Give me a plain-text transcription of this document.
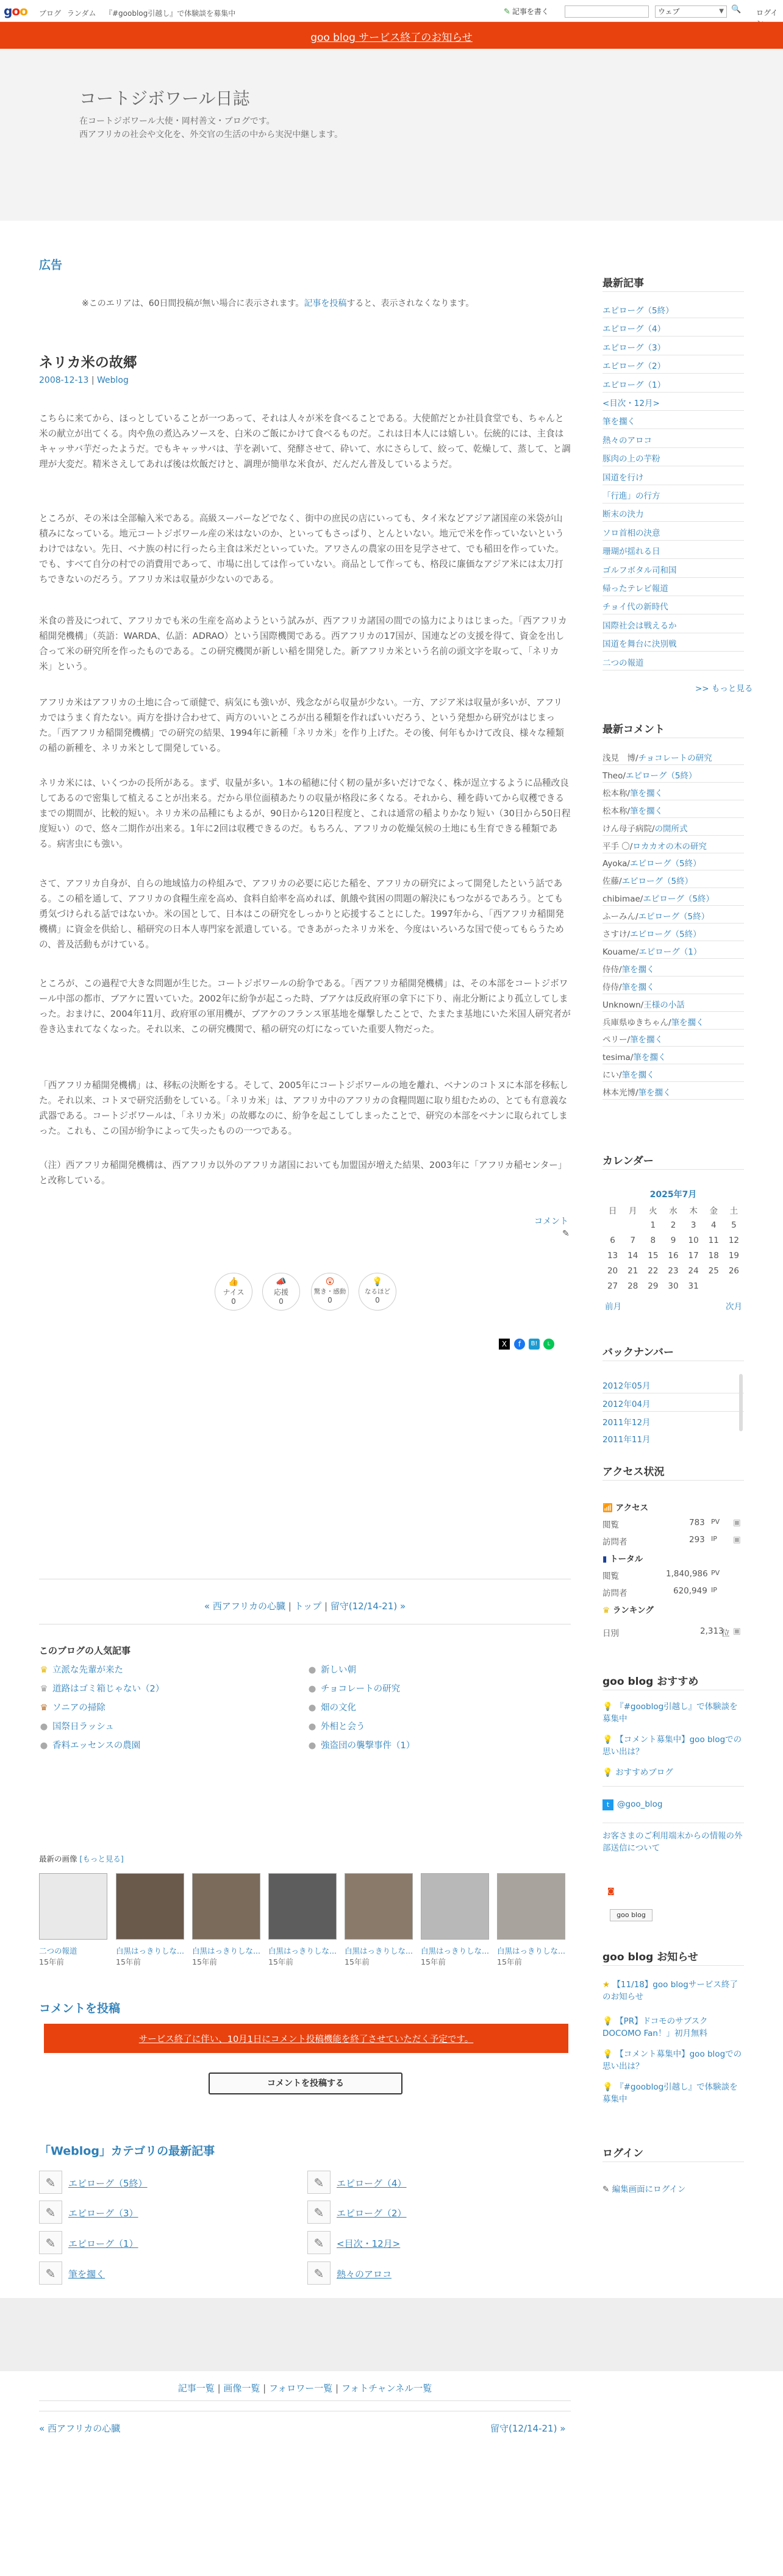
goo ブログ ランダム 『#gooblog引越し』で体験談を募集中	✎ 記事を書く	ウェブ	▼ 🔍 ログイ
goo blog サービス終了のお知らせ
コートジボワール日誌
在コートジボワール大使・岡村善文・ブログです。
西アフリカの社会や文化を、外交官の生活の中から実況中継します。
広告
※このエリアは、60日間投稿が無い場合に表示されます。記事を投稿すると、表示されなくなります。
ネリカ米の故郷
2008-12-13 | Weblog
こちらに来てから、ほっとしていることが一つあって、それは人々が米を食べることである。大使館だとか社員食堂でも、ちゃんと米の献立が出てくる。肉や魚の煮込みソースを、白米のご飯にかけて食べるものだ。これは日本人には嬉しい。伝統的には、主食はキャッサバ芋だったようだ。でもキャッサバは、芋を剥いて、発酵させて、砕いて、水にさらして、絞って、乾燥して、蒸して、と調理が大変だ。精米さえしてあれば後は炊飯だけと、調理が簡単な米食が、だんだん普及しているようだ。
ところが、その米は全部輸入米である。高級スーパーなどでなく、街中の庶民の店にいっても、タイ米などアジア諸国産の米袋が山積みになっている。地元コートジボワール産の米はないのか、といってもさっぱり、とんといない。地元で米を作っていないというわけではない。先日、ベナ族の村に行ったら主食は米だといっていた。アワさんの農家の田を見学させて、でも稲田を作っていた。でも、すべて自分の村での消費用であって、市場に出しては作っていない。商品として作っても、格段に廉価なアジア米には太刀打ちできないのだろう。アフリカ米は収量が少ないのである。
米食の普及につれて、アフリカでも米の生産を高めようという試みが、西アフリカ諸国の間での協力によりはじまった。「西アフリカ稲開発機構」（英語：WARDA、仏語：ADRAO）という国際機関である。西アフリカの17国が、国連などの支援を得て、資金を出し合って米の研究所を作ったものである。この研究機関が新しい稲を開発した。新アフリカ米という名前の頭文字を取って、「ネリカ米」という。
アフリカ米はアフリカの土地に合って頑健で、病気にも強いが、残念ながら収量が少ない。一方、アジア米は収量が多いが、アフリカではうまく育たない。両方を掛け合わせて、両方のいいところが出る種類を作ればいいだろう、という発想から研究がはじまった。「西アフリカ稲開発機構」での研究の結果、1994年に新種「ネリカ米」を作り上げた。その後、何年もかけて改良、様々な種類の稲の新種を、ネリカ米として開発している。
ネリカ米には、いくつかの長所がある。まず、収量が多い。1本の稲穂に付く籾の量が多いだけでなく、株が逞立するように品種改良してあるので密集して植えることが出来る。だから単位面積あたりの収量が格段に多くなる。それから、種を蒔いてから収穫できるまでの期間が、比較的短い。ネリカ米の品種にもよるが、90日から120日程度と、これは通常の稲よりかなり短い（30日から50日程度短い）ので、悠々二期作が出来る。1年に2回は収穫できるのだ。もちろん、アフリカの乾燥気候の土地にも生育できる種類である。病害虫にも強い。
さて、アフリカ自身が、自らの地域協力の枠組みで、アフリカの必要に応じた稲を、アフリカの研究によって開発したという話である。この稲を通して、アフリカの食糧生産を高め、食料自給率を高めれば、飢餓や貧困の問題の解決にもつながるであろう。とても勇気づけられる話ではないか。米の国として、日本はこの研究をしっかりと応援することにした。1997年から、「西アフリカ稲開発機構」に資金を供給し、稲研究の日本人専門家を派遣している。できあがったネリカ米を、今度はいろいろな国で使ってもらうための、普及活動もがけている。
ところが、この過程で大きな問題が生じた。コートジボワールの紛争である。「西アフリカ稲開発機構」は、その本部をコートジボワール中部の都市、ブアケに置いていた。2002年に紛争が起こった時、ブアケは反政府軍の拿下に下り、南北分断により孤立してしまった。おまけに、2004年11月、政府軍の軍用機が、ブアケのフランス軍基地を爆撃したことで、たまたま基地にいた米国人研究者が巻き込まれてなくなった。それ以来、この研究機関で、稲の研究の灯になっていた重要人物だった。
「西アフリカ稲開発機構」は、移転の決断をする。そして、2005年にコートジボワールの地を離れ、ベナンのコトヌに本部を移転した。それ以来、コトヌで研究活動をしている。「ネリカ米」は、アフリカ中のアフリカの食糧問題に取り組むための、とても有意義な武器である。コートジボワールは、「ネリカ米」の故郷なのに、紛争を起こしてしまったことで、研究の本部をベナンに取られてしまった。これも、この国が紛争によって失ったものの一つである。
（注）西アフリカ稲開発機構は、西アフリカ以外のアフリカ諸国においても加盟国が増えた結果、2003年に「アフリカ稲センター」と改称している。
コメント
✎
👍
ナイス
0
📣
応援
0
😲
驚き・感動
0
💡
なるほど
0
X	f	B!	L
« 西アフリカの心臓 | トップ | 留守(12/14-21) »
このブログの人気記事
♛ 立派な先輩が来た
♛ 道路はゴミ箱じゃない（2）
♛ ソニアの掃除
● 国祭日ラッシュ
● 香料エッセンスの農園
● 新しい朝
● チョコレートの研究
● 畑の文化
● 外相と会う
● 強盗団の襲撃事件（1）
最新の画像 [もっと見る]
二つの報道	白黒はっきりしな... 白黒はっきりしな... 白黒はっきりしな... 白黒はっきりしな... 白黒はっきりしな... 白黒はっきりしな...
15年前	15年前	15年前	15年前	15年前	15年前	15年前
コメントを投稿
サービス終了に伴い、10月1日にコメント投稿機能を終了させていただく予定です。
コメントを投稿する
「Weblog」カテゴリの最新記事
✎
✎
✎
✎
✎
✎
✎
✎
エピローグ（5終）
エピローグ（3）
エピローグ（1）
筆を擱く
エピローグ（4）
エピローグ（2）
<目次・12月>
熱々のアロコ
記事一覧 | 画像一覧 | フォロワー一覧 | フォトチャンネル一覧
« 西アフリカの心臓	留守(12/14-21) »
最新記事
エピローグ（5終）
エピローグ（4）
エピローグ（3）
エピローグ（2）
エピローグ（1）
<目次・12月>
筆を擱く
熱々のアロコ
豚肉の上の芋粉
国道を行け
「行進」の行方
断末の決力
ソロ首相の決意
珊瑚が揺れる日
ゴルフボタル司和国
帰ったテレビ報道
チョイ代の新時代
国際社会は戦えるか
国道を舞台に決別戦
二つの報道
>> もっと見る
最新コメント
浅見　博/チョコレートの研究
Theo/エピローグ（5終）
松本称/筆を擱く
松本称/筆を擱く
けん母子病院/の開所式
平手 〇/ロカカオの木の研究
Ayoka/エピローグ（5終）
佐藤/エピローグ（5終）
chibimae/エピローグ（5終）
ふーみん/エピローグ（5終）
さすけ/エピローグ（5終）
Kouame/エピローグ（1）
侍侍/筆を擱く
侍侍/筆を擱く
Unknown/王様の小話
兵庫県ゆきちゃん/筆を擱く
ペリー/筆を擱く
tesima/筆を擱く
にい/筆を擱く
林本光博/筆を擱く
カレンダー
2025年7月
日	月	火	水	木	金	土
		1	2	3	4	5
6	7	8	9	10	11	12
13	14	15	16	17	18	19
20	21	22	23	24	25	26
27	28	29	30	31		
前月	次月
バックナンバー
2012年05月
2012年04月
2011年12月
2011年11月
アクセス状況
📶 アクセス
閲覧	783 PV ▣
訪問者	293 IP ▣
▮ トータル
閲覧	1,840,986 PV
訪問者	620,949 IP
♛ ランキング
日別	2,313
位 ▣
goo blog おすすめ
💡 『#gooblog引越し』で体験談を募集中
💡 【コメント募集中】goo blogでの思い出は？
💡 おすすめブログ
t @goo_blog
お客さまのご利用端末からの情報の外部送信について
◙
goo blog
goo blog お知らせ
★ 【11/18】goo blogサービス終了のお知らせ
💡 【PR】ドコモのサブスクDOCOMO Fan！」初月無料
💡 【コメント募集中】goo blogでの思い出は？
💡 『#gooblog引越し』で体験談を募集中
ログイン
✎ 編集画面にログイン
